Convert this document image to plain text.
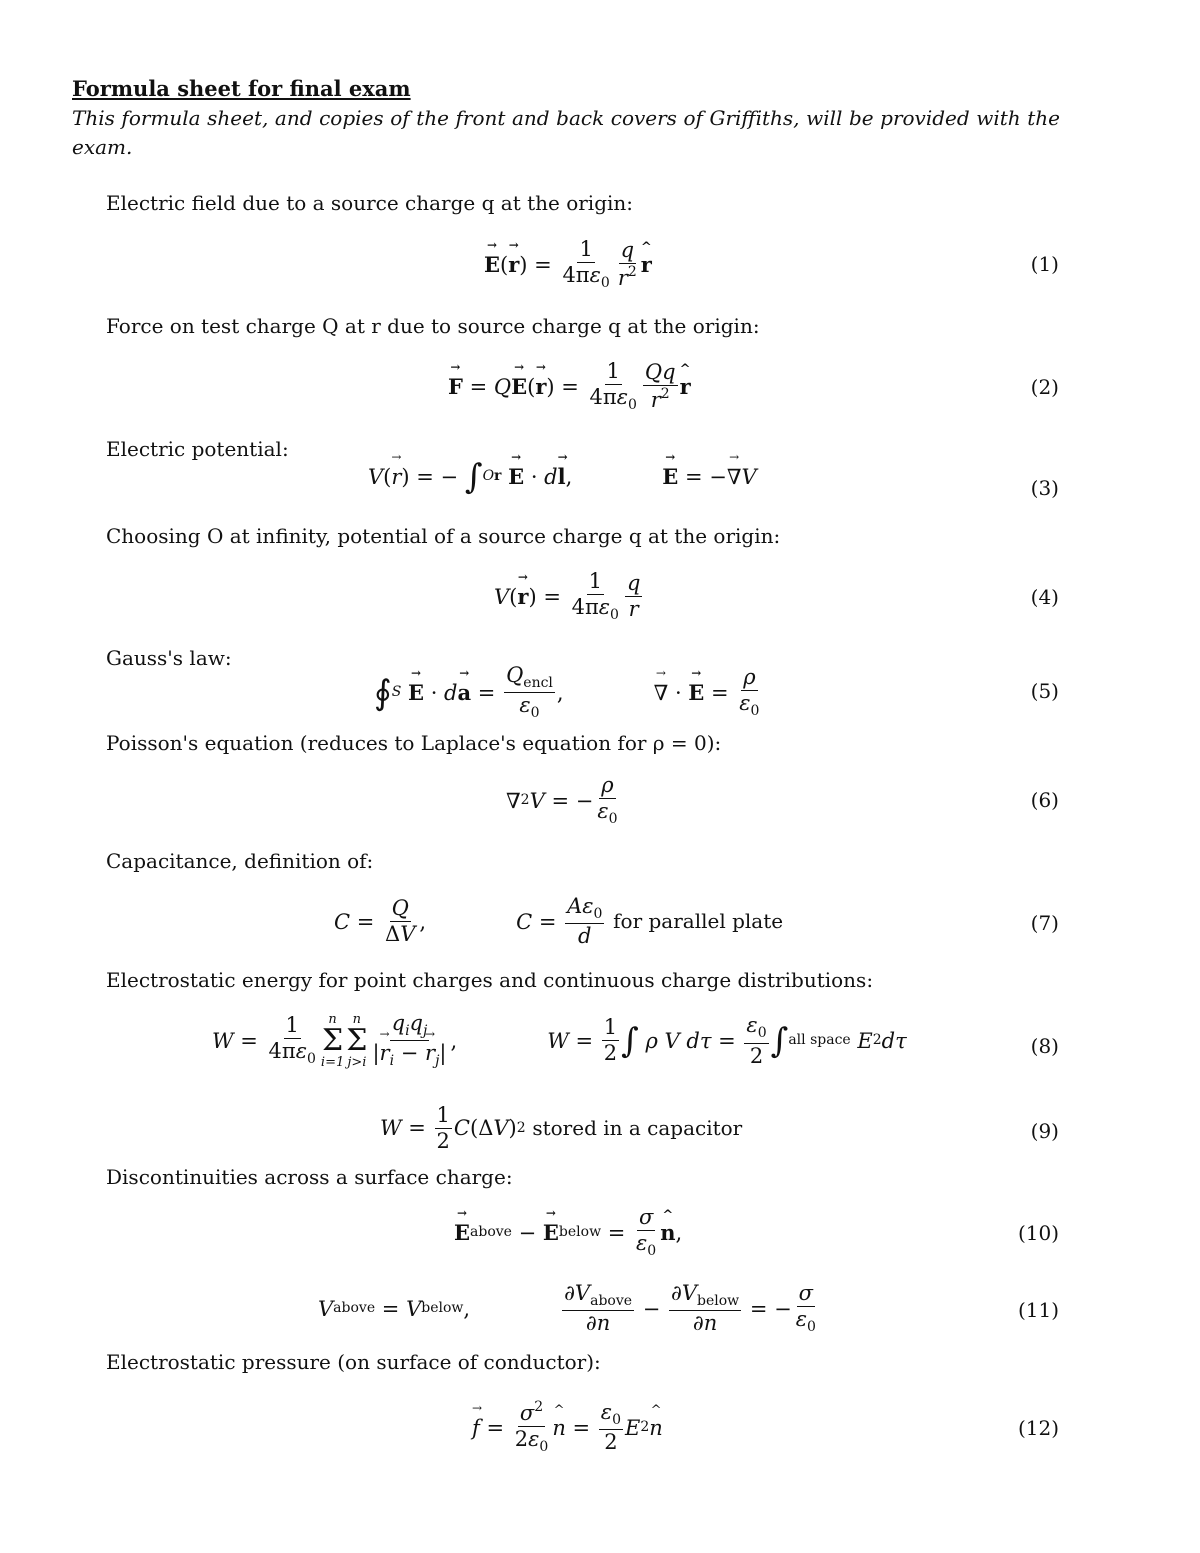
Formula sheet for final exam
This formula sheet, and copies of the front and back covers of Griffiths, will be provided with the exam.
Electric field due to a source charge q at the origin:
→ E (
→ r ) = $\frac{1}{4\pi\varepsilon_0} \frac{q}{r^2}$
^ r	(1)
Force on test charge Q at r due to source charge q at the origin:
→ F = Q
→ E (
→ r ) = $\frac{1}{4\pi\varepsilon_0} \frac{Qq}{r^2}$
^ r	(2)
Electric potential:
V (
→ r ) = − ∫ O r

→ E · d
→ l ,
→	E = −
→ ∇ V	(3)
Choosing O at infinity, potential of a source charge q at the origin:
V (
→ r ) = $\frac{1}{4\pi\varepsilon_0} \frac{q}{r}$	(4)
Gauss's law:
∮ S

→ E · d
→ $a = \frac{Q_{encl}}{\varepsilon_0}$ ,
→	∇ ·
→ $E = \frac{\rho}{\varepsilon_0}$	(5)
Poisson's equation (reduces to Laplace's equation for ρ = 0):
∇ 2 V = − $\frac{\rho}{\varepsilon_0}$	(6)
Capacitance, definition of:
$C = \frac{Q}{\Delta V}$ ,	$C = \frac{A\varepsilon_0}{d}$
for parallel plate	(7)
Electrostatic energy for point charges and continuous charge distributions:
$W = \frac{1}{4\pi\varepsilon_0}$ n
Σ
i=1
n
Σ
$j>i \frac{q_iq_j}{|\to r_i - \to r_j|}$ ,	$W = \frac{1}{2}$ ∫
ρ V $d\tau = \frac{\varepsilon_0}{2}$ ∫ all space
E 2 dτ	(8)
$W = \frac{1}{2}$ C (Δ V ) 2
stored in a capacitor	(9)
Discontinuities across a surface charge:
→ E above −
→ E below = $\frac{\sigma}{\varepsilon_0}$
^ n ,	(10)
V above = V below ,	$\frac{\partial V_{above}}{\partial n} - \frac{\partial V_{below}}{\partial n}$ = − $\frac{\sigma}{\varepsilon_0}$	(11)
Electrostatic pressure (on surface of conductor):
→ $f = \frac{\sigma^2}{2\varepsilon_0}$
^ $n = \frac{\varepsilon_0}{2}$ E 2
^ n	(12)
